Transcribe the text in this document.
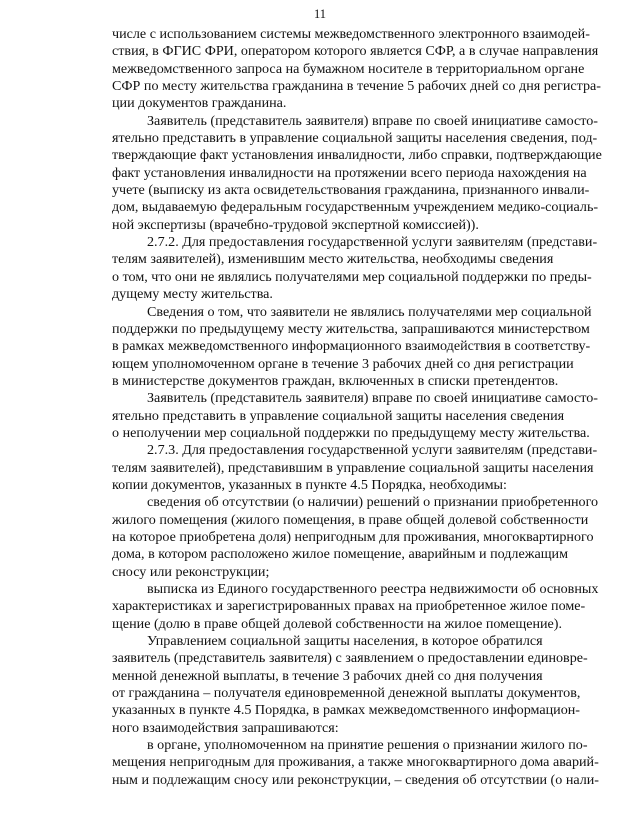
11
числе с использованием системы межведомственного электронного взаимодей-
ствия, в ФГИС ФРИ, оператором которого является СФР, а в случае направления
межведомственного запроса на бумажном носителе в территориальном органе
СФР по месту жительства гражданина в течение 5 рабочих дней со дня регистра-
ции документов гражданина.
Заявитель (представитель заявителя) вправе по своей инициативе самосто-
ятельно представить в управление социальной защиты населения сведения, под-
тверждающие факт установления инвалидности, либо справки, подтверждающие
факт установления инвалидности на протяжении всего периода нахождения на
учете (выписку из акта освидетельствования гражданина, признанного инвали-
дом, выдаваемую федеральным государственным учреждением медико-социаль-
ной экспертизы (врачебно-трудовой экспертной комиссией)).
2.7.2. Для предоставления государственной услуги заявителям (представи-
телям заявителей), изменившим место жительства, необходимы сведения
о том, что они не являлись получателями мер социальной поддержки по преды-
дущему месту жительства.
Сведения о том, что заявители не являлись получателями мер социальной
поддержки по предыдущему месту жительства, запрашиваются министерством
в рамках межведомственного информационного взаимодействия в соответству-
ющем уполномоченном органе в течение 3 рабочих дней со дня регистрации
в министерстве документов граждан, включенных в списки претендентов.
Заявитель (представитель заявителя) вправе по своей инициативе самосто-
ятельно представить в управление социальной защиты населения сведения
о неполучении мер социальной поддержки по предыдущему месту жительства.
2.7.3. Для предоставления государственной услуги заявителям (представи-
телям заявителей), представившим в управление социальной защиты населения
копии документов, указанных в пункте 4.5 Порядка, необходимы:
сведения об отсутствии (о наличии) решений о признании приобретенного
жилого помещения (жилого помещения, в праве общей долевой собственности
на которое приобретена доля) непригодным для проживания, многоквартирного
дома, в котором расположено жилое помещение, аварийным и подлежащим
сносу или реконструкции;
выписка из Единого государственного реестра недвижимости об основных
характеристиках и зарегистрированных правах на приобретенное жилое поме-
щение (долю в праве общей долевой собственности на жилое помещение).
Управлением социальной защиты населения, в которое обратился
заявитель (представитель заявителя) с заявлением о предоставлении единовре-
менной денежной выплаты, в течение 3 рабочих дней со дня получения
от гражданина – получателя единовременной денежной выплаты документов,
указанных в пункте 4.5 Порядка, в рамках межведомственного информацион-
ного взаимодействия запрашиваются:
в органе, уполномоченном на принятие решения о признании жилого по-
мещения непригодным для проживания, а также многоквартирного дома аварий-
ным и подлежащим сносу или реконструкции, – сведения об отсутствии (о нали-
